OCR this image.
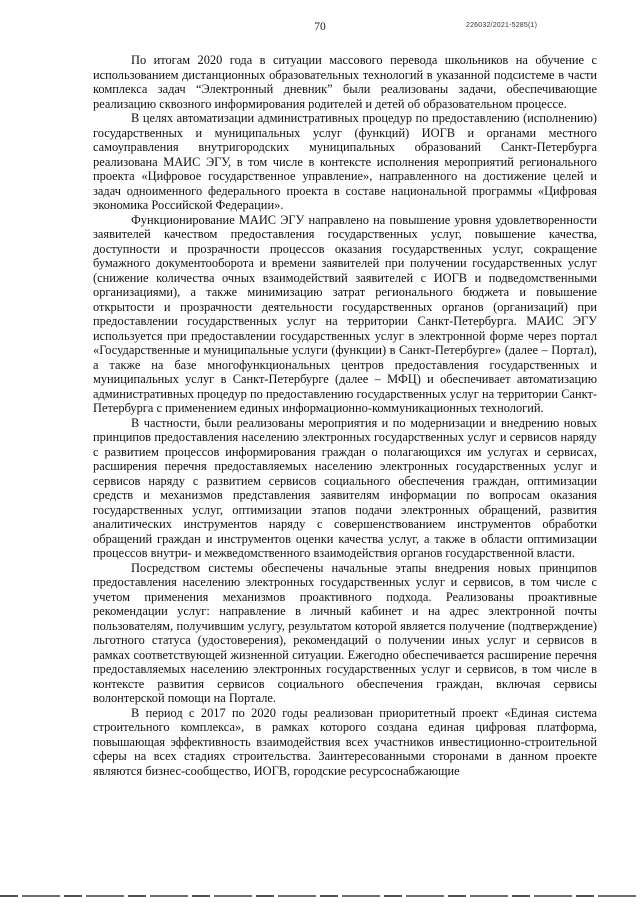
70	226032/2021-5285(1)

По итогам 2020 года в ситуации массового перевода школьников на обучение с использованием дистанционных образовательных технологий в указанной подсистеме в части комплекса задач “Электронный дневник” были реализованы задачи, обеспечивающие реализацию сквозного информирования родителей и детей об образовательном процессе.

В целях автоматизации административных процедур по предоставлению (исполнению) государственных и муниципальных услуг (функций) ИОГВ и органами местного самоуправления внутригородских муниципальных образований Санкт-Петербурга реализована МАИС ЭГУ, в том числе в контексте исполнения мероприятий регионального проекта «Цифровое государственное управление», направленного на достижение целей и задач одноименного федерального проекта в составе национальной программы «Цифровая экономика Российской Федерации».

Функционирование МАИС ЭГУ направлено на повышение уровня удовлетворенности заявителей качеством предоставления государственных услуг, повышение качества, доступности и прозрачности процессов оказания государственных услуг, сокращение бумажного документооборота и времени заявителей при получении государственных услуг (снижение количества очных взаимодействий заявителей с ИОГВ и подведомственными организациями), а также минимизацию затрат регионального бюджета и повышение открытости и прозрачности деятельности государственных органов (организаций) при предоставлении государственных услуг на территории Санкт-Петербурга. МАИС ЭГУ используется при предоставлении государственных услуг в электронной форме через портал «Государственные и муниципальные услуги (функции) в Санкт-Петербурге» (далее – Портал), а также на базе многофункциональных центров предоставления государственных и муниципальных услуг в Санкт-Петербурге (далее – МФЦ) и обеспечивает автоматизацию административных процедур по предоставлению государственных услуг на территории Санкт-Петербурга с применением единых информационно-коммуникационных технологий.

В частности, были реализованы мероприятия и по модернизации и внедрению новых принципов предоставления населению электронных государственных услуг и сервисов наряду с развитием процессов информирования граждан о полагающихся им услугах и сервисах, расширения перечня предоставляемых населению электронных государственных услуг и сервисов наряду с развитием сервисов социального обеспечения граждан, оптимизации средств и механизмов представления заявителям информации по вопросам оказания государственных услуг, оптимизации этапов подачи электронных обращений, развития аналитических инструментов наряду с совершенствованием инструментов обработки обращений граждан и инструментов оценки качества услуг, а также в области оптимизации процессов внутри- и межведомственного взаимодействия органов государственной власти.

Посредством системы обеспечены начальные этапы внедрения новых принципов предоставления населению электронных государственных услуг и сервисов, в том числе с учетом применения механизмов проактивного подхода. Реализованы проактивные рекомендации услуг: направление в личный кабинет и на адрес электронной почты пользователям, получившим услугу, результатом которой является получение (подтверждение) льготного статуса (удостоверения), рекомендаций о получении иных услуг и сервисов в рамках соответствующей жизненной ситуации. Ежегодно обеспечивается расширение перечня предоставляемых населению электронных государственных услуг и сервисов, в том числе в контексте развития сервисов социального обеспечения граждан, включая сервисы волонтерской помощи на Портале.

В период с 2017 по 2020 годы реализован приоритетный проект «Единая система строительного комплекса», в рамках которого создана единая цифровая платформа, повышающая эффективность взаимодействия всех участников инвестиционно-строительной сферы на всех стадиях строительства. Заинтересованными сторонами в данном проекте являются бизнес-сообщество, ИОГВ, городские ресурсоснабжающие
